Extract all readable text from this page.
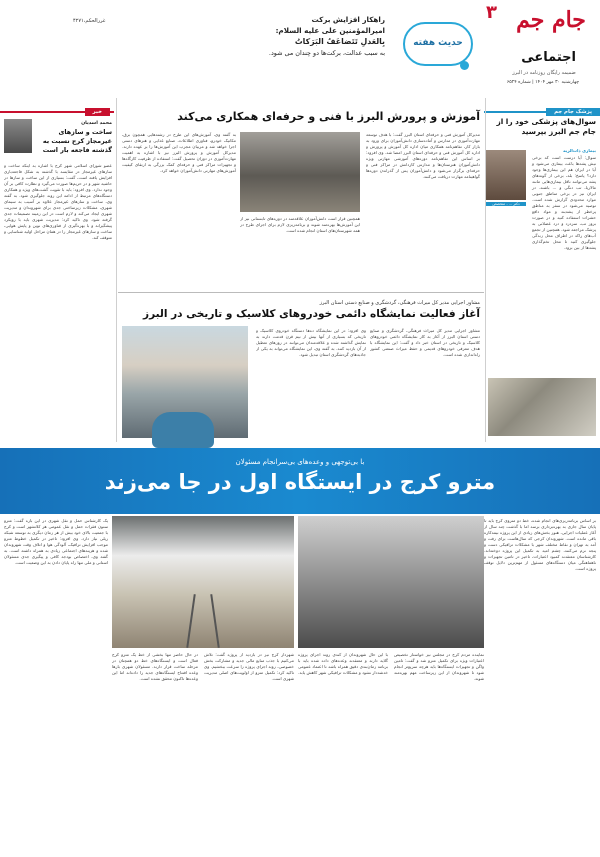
جام جم
۳
اجتماعی
ضمیمه رایگان روزنامه در البرز
چهارشنبه ۳۰ مهر ۱۴۰۴ | شماره ۶۵۲۴
حدیث هفته
راهکار افزایش برکت
امیرالمؤمنین علی علیه السلام:
بِالعَدلِ تَتَضاعَفُ البَرَکاتُ
به سبب عدالت، برکت‌ها دو چندان می شود.
غررالحکم،۴۲۷۱
خبر
محمد اسدیان
ساخت و سازهای غیرمجاز کرج نسبت به گذشته فاجعه بار است
عضو شورای اسلامی شهر کرج با اشاره به اینکه ساخت و سازهای غیرمجاز در مقایسه با گذشته به شکل فاجعه‌باری افزایش یافته است، گفت: بسیاری از این ساخت و سازها در حاشیه شهر و در حریم‌ها صورت می‌گیرد و نظارت کافی بر آن وجود ندارد. وی افزود: باید با تقویت گشت‌های ویژه و همکاری دستگاه‌های مرتبط از ادامه این روند جلوگیری شود. به گفته وی، ساخت و سازهای غیرمجاز علاوه بر آسیب به سیمای شهری، مشکلات زیرساختی جدی برای شهروندان و مدیریت شهری ایجاد می‌کند و لازم است در این زمینه تصمیمات جدی گرفته شود. وی تاکید کرد: مدیریت شهری باید با رویکرد پیشگیرانه و با بهره‌گیری از فناوری‌های نوین و پایش هوایی، ساخت و سازهای غیرمجاز را در همان مراحل اولیه شناسایی و متوقف کند.
پزشک جام جم
سوال‌های پزشکی خود را از جام جم البرز بپرسید
دکتر ... ، متخصص

بیماری ذات‌الریه

سوال: آیا درست است که برخی نیش پشه‌ها باعث بیماری می‌شود و آیا در ایران هم این بیماری‌ها وجود دارد؟ پاسخ: بله، برخی از گونه‌های پشه می‌توانند ناقل بیماری‌هایی مانند مالاریا، تب دنگی و ... باشند. در ایران نیز در برخی مناطق جنوبی موارد محدودی گزارش شده است. توصیه می‌شود در سفر به مناطق پرخطر از پشه‌بند و مواد دافع حشرات استفاده کنید و در صورت بروز تب، سردرد و درد عضلانی به پزشک مراجعه شود. همچنین از تجمع آب‌های راکد در اطراف محل زندگی جلوگیری کنید تا محل تخم‌گذاری پشه‌ها از بین برود.

آموزش و پرورش البرز با فنی و حرفه‌ای همکاری می‌کند
مدیرکل آموزش فنی و حرفه‌ای استان البرز گفت: با هدف توسعه مهارت‌آموزی در مدارس و آماده‌سازی دانش‌آموزان برای ورود به بازار کار، تفاهم‌نامه همکاری میان اداره کل آموزش و پرورش و اداره کل آموزش فنی و حرفه‌ای استان البرز امضا شد. وی افزود: بر اساس این تفاهم‌نامه دوره‌های آموزشی مهارتی ویژه دانش‌آموزان هنرستان‌ها و مدارس کاردانش در مراکز فنی و حرفه‌ای برگزار می‌شود و دانش‌آموزان پس از گذراندن دوره‌ها گواهینامه مهارت دریافت می‌کنند.
به گفته وی، آموزش‌های این طرح در رشته‌هایی همچون برق، مکانیک خودرو، فناوری اطلاعات، صنایع غذایی و هنرهای دستی اجرا خواهد شد و مربیان مجرب این آموزش‌ها را بر عهده دارند. مدیرکل آموزش و پرورش البرز نیز با اشاره به اهمیت مهارت‌آموزی در دوران تحصیل گفت: استفاده از ظرفیت کارگاه‌ها و تجهیزات مراکز فنی و حرفه‌ای کمک بزرگی به ارتقای کیفیت آموزش‌های مهارتی دانش‌آموزان خواهد کرد.
همچنین قرار است دانش‌آموزان علاقه‌مند در دوره‌های تابستانی نیز از این آموزش‌ها بهره‌مند شوند و برنامه‌ریزی لازم برای اجرای طرح در همه شهرستان‌های استان انجام شده است.
مشاور اجرایی مدیر کل میراث فرهنگی، گردشگری و صنایع دستی استان البرز
آغاز فعالیت نمایشگاه دائمی خودروهای کلاسیک و تاریخی در البرز
مشاور اجرایی مدیر کل میراث فرهنگی، گردشگری و صنایع دستی استان البرز از آغاز به کار نمایشگاه دائمی خودروهای کلاسیک و تاریخی در استان خبر داد و گفت: این نمایشگاه با هدف معرفی خودروهای قدیمی و حفظ میراث صنعتی کشور راه‌اندازی شده است.
وی افزود: در این نمایشگاه ده‌ها دستگاه خودروی کلاسیک و تاریخی که بسیاری از آنها بیش از نیم قرن قدمت دارند به نمایش گذاشته شده و علاقه‌مندان می‌توانند در روزهای تعطیل از آن بازدید کنند. به گفته وی، این نمایشگاه می‌تواند به یکی از جاذبه‌های گردشگری استان تبدیل شود.
با بی‌توجهی و وعده‌های بی‌سرانجام مسئولان
مترو کرج در ایستگاه اول در جا می‌زند
بر اساس برنامه‌ریزی‌های انجام شده، خط دو متروی کرج باید تا پایان سال جاری به بهره‌برداری برسد اما با گذشت چند سال از آغاز عملیات اجرایی، هنوز بخش‌های زیادی از این پروژه نیمه‌کاره باقی مانده است. شهروندان کرجی که سال‌هاست برای رفت و آمد به تهران و نقاط مختلف شهر با مشکلات ترافیکی دست و پنجه نرم می‌کنند، چشم امید به تکمیل این پروژه دوخته‌اند. کارشناسان معتقدند کمبود اعتبارات، تاخیر در تامین تجهیزات و ناهماهنگی میان دستگاه‌های مسئول از مهم‌ترین دلایل توقف پروژه است.
یک کارشناس حمل و نقل شهری در این باره گفت: مترو ستون فقرات حمل و نقل عمومی هر کلانشهر است و کرج با جمعیت بالای خود بیش از هر زمان دیگری به توسعه شبکه ریلی نیاز دارد. وی افزود: تاخیر در تکمیل خطوط مترو موجب افزایش ترافیک، آلودگی هوا و اتلاف وقت شهروندان شده و هزینه‌های اجتماعی زیادی به همراه داشته است. به گفته وی، اختصاص بودجه کافی و پیگیری جدی مسئولان استانی و ملی تنها راه پایان دادن به این وضعیت است.
در حال حاضر تنها بخشی از خط یک مترو کرج فعال است و ایستگاه‌های خط دو همچنان در مرحله ساخت قرار دارند. مسئولان شهری بارها وعده افتتاح ایستگاه‌های جدید را داده‌اند اما این وعده‌ها تاکنون محقق نشده است.
شهردار کرج نیز در بازدید از پروژه گفت: تلاش می‌کنیم با جذب منابع مالی جدید و مشارکت بخش خصوصی، روند اجرای پروژه را سرعت ببخشیم. وی تاکید کرد: تکمیل مترو از اولویت‌های اصلی مدیریت شهری است.
با این حال شهروندان از کندی روند اجرای پروژه گلایه دارند و معتقدند وعده‌های داده شده باید با برنامه زمان‌بندی دقیق همراه باشد تا اعتماد عمومی خدشه‌دار نشود و مشکلات ترافیکی شهر کاهش یابد.
نماینده مردم کرج در مجلس نیز خواستار تخصیص اعتبارات ویژه برای تکمیل مترو شد و گفت: تامین واگن و تجهیزات ایستگاه‌ها باید هرچه سریع‌تر انجام شود تا شهروندان از این زیرساخت مهم بهره‌مند شوند.
